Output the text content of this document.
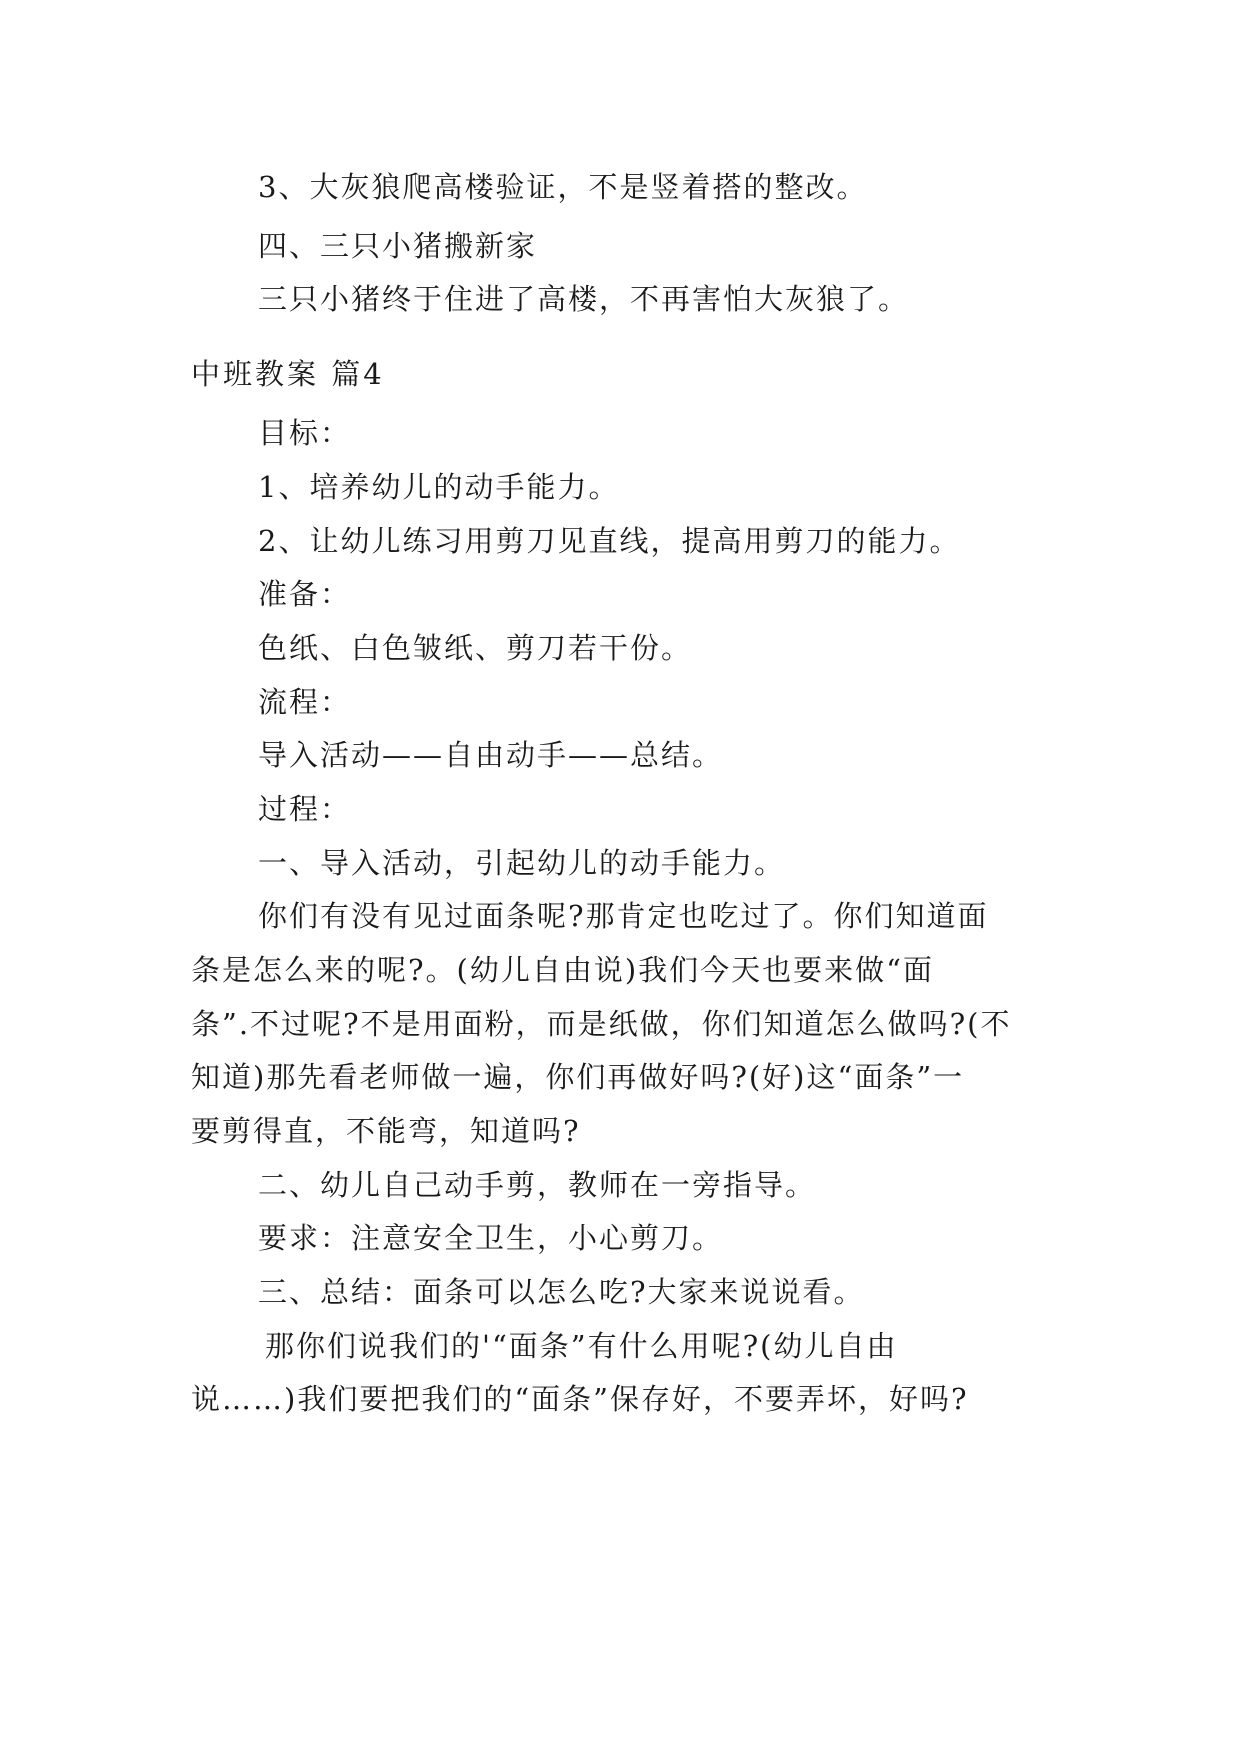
3、大灰狼爬高楼验证，不是竖着搭的整改。
四、三只小猪搬新家
三只小猪终于住进了高楼，不再害怕大灰狼了。
中班教案 篇4
目标：
1、培养幼儿的动手能力。
2、让幼儿练习用剪刀见直线，提高用剪刀的能力。
准备：
色纸、白色皱纸、剪刀若干份。
流程：
导入活动——自由动手——总结。
过程：
一、导入活动，引起幼儿的动手能力。
你们有没有见过面条呢?那肯定也吃过了。你们知道面
条是怎么来的呢?。(幼儿自由说)我们今天也要来做“面
条”.不过呢?不是用面粉，而是纸做，你们知道怎么做吗?(不
知道)那先看老师做一遍，你们再做好吗?(好)这“面条”一
要剪得直，不能弯，知道吗?
二、幼儿自己动手剪，教师在一旁指导。
要求：注意安全卫生，小心剪刀。
三、总结：面条可以怎么吃?大家来说说看。
那你们说我们的'“面条”有什么用呢?(幼儿自由
说……)我们要把我们的“面条”保存好，不要弄坏，好吗?
